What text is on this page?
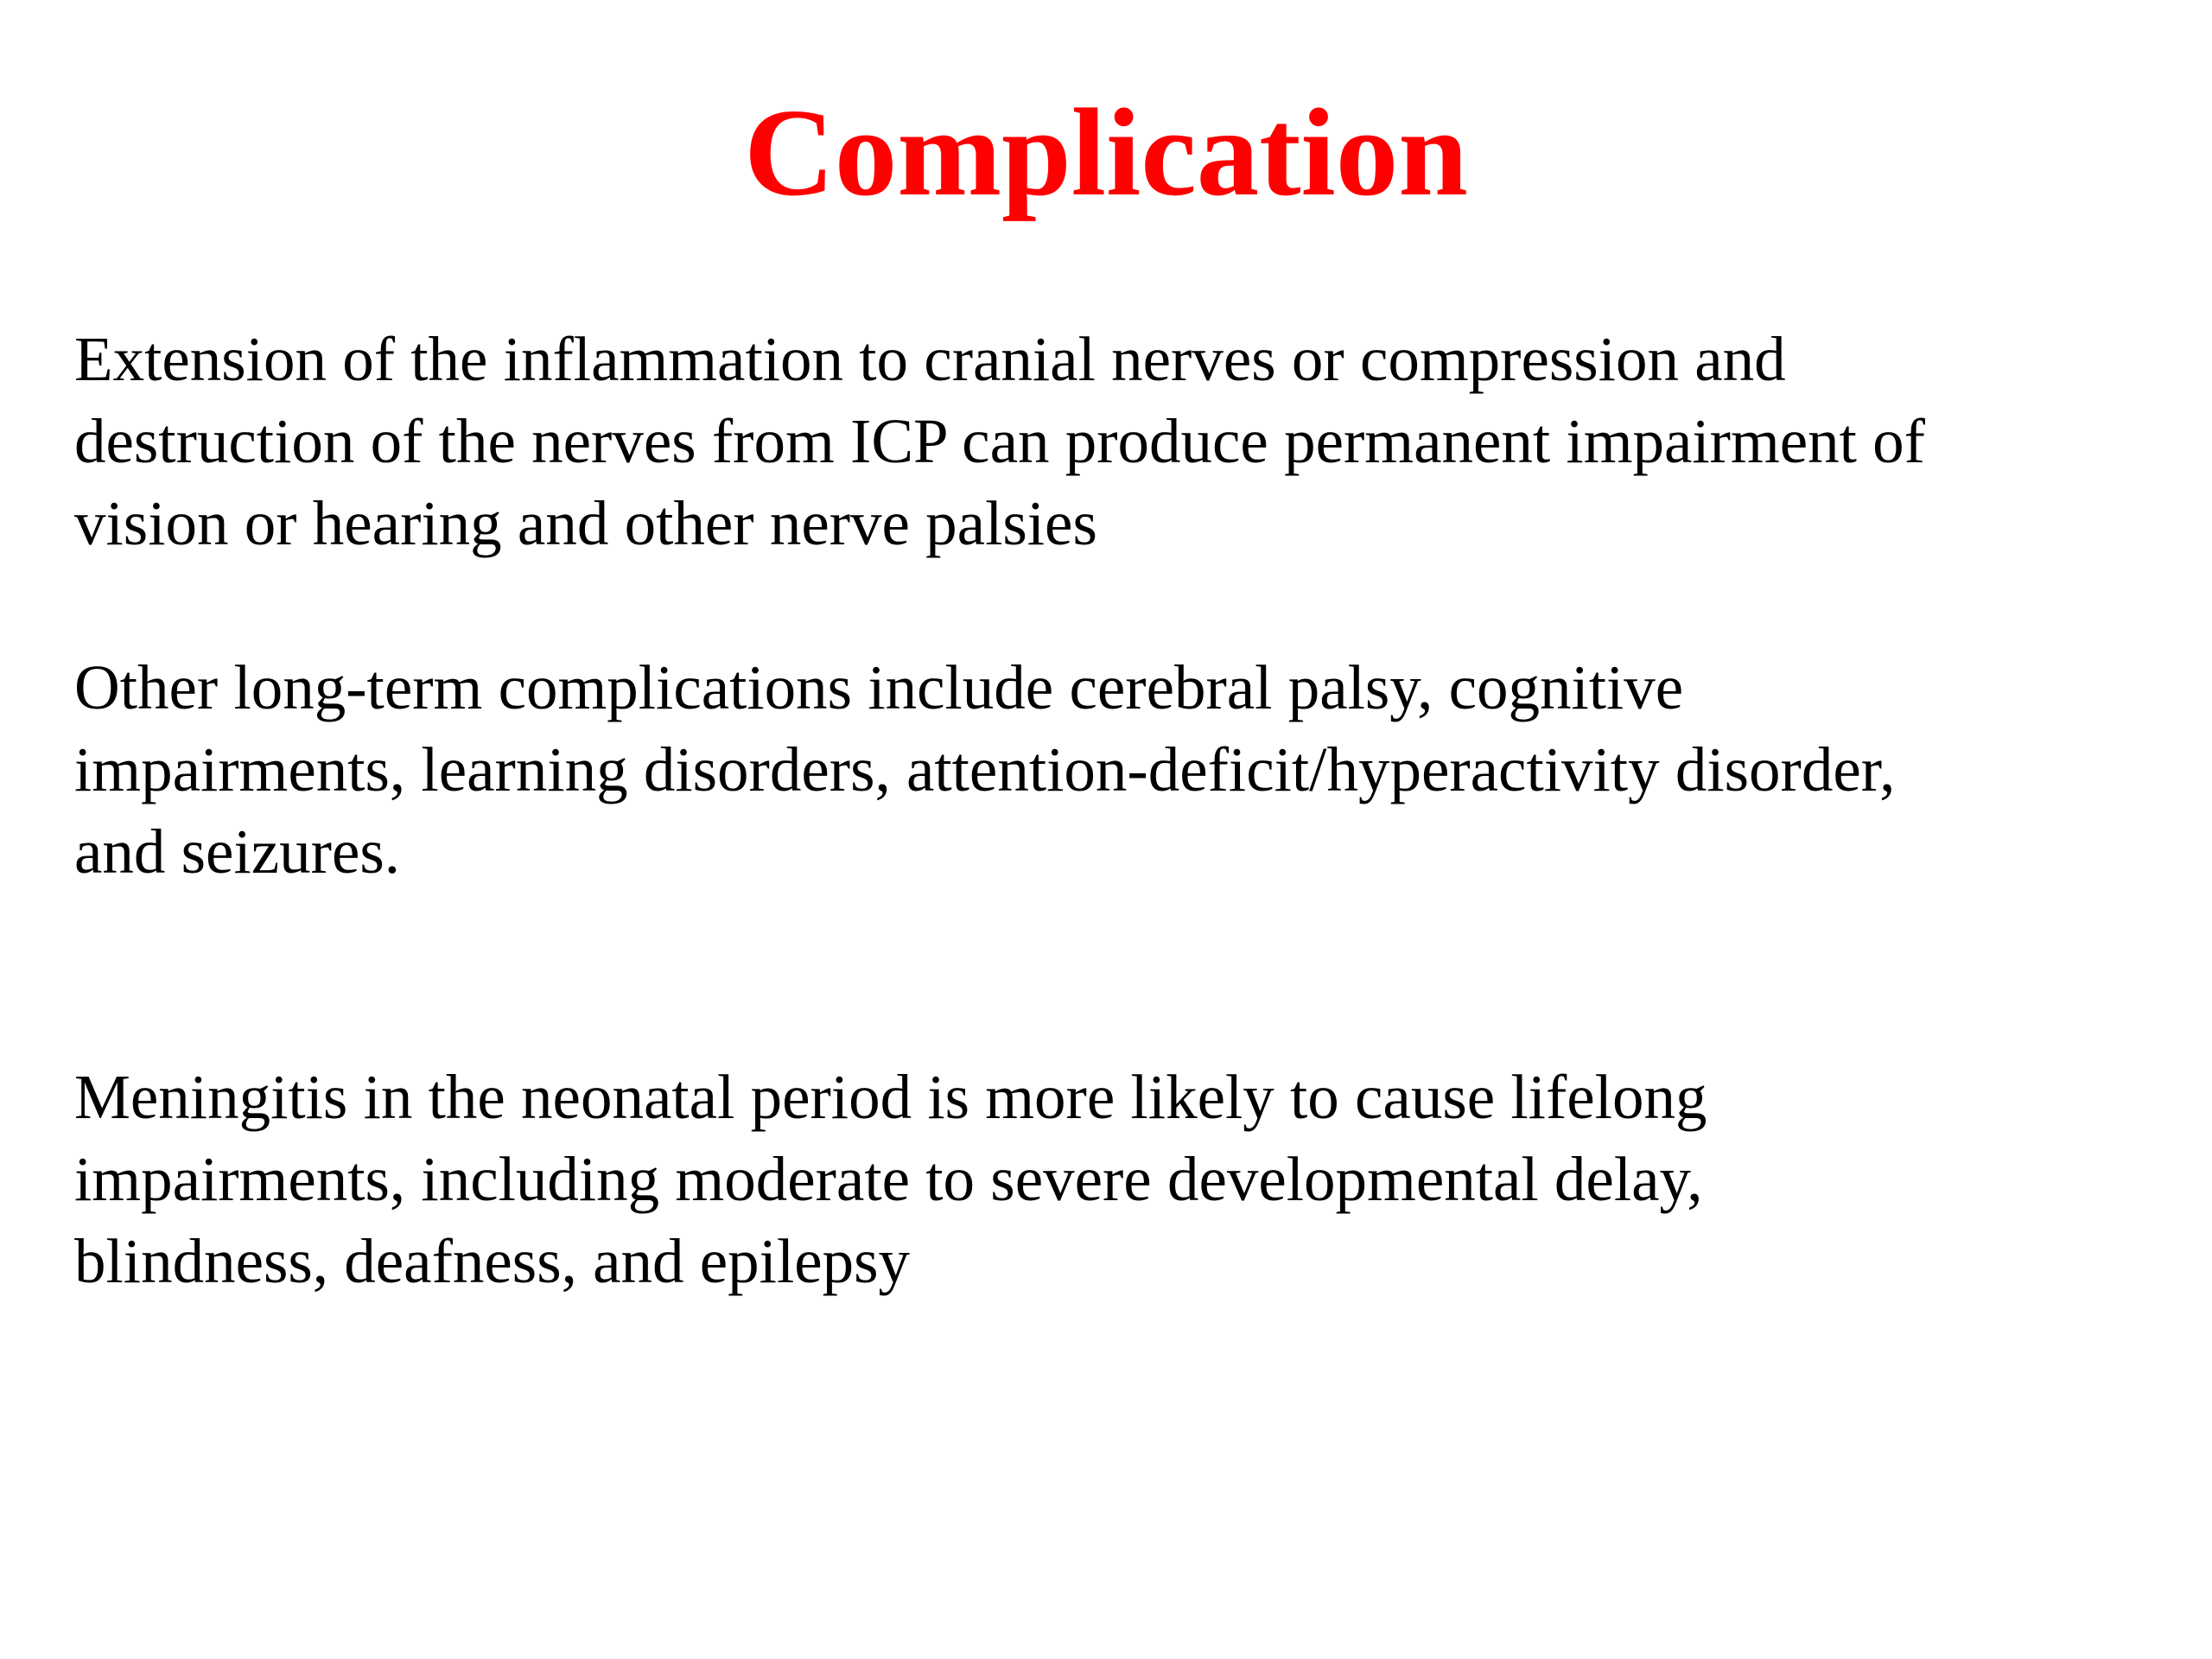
Complication

Extension of the inflammation to cranial nerves or compression and
destruction of the nerves from ICP can produce permanent impairment of
vision or hearing and other nerve palsies

Other long-term complications include cerebral palsy, cognitive
impairments, learning disorders, attention-deficit/hyperactivity disorder,
and seizures.

Meningitis in the neonatal period is more likely to cause lifelong
impairments, including moderate to severe developmental delay,
blindness, deafness, and epilepsy
